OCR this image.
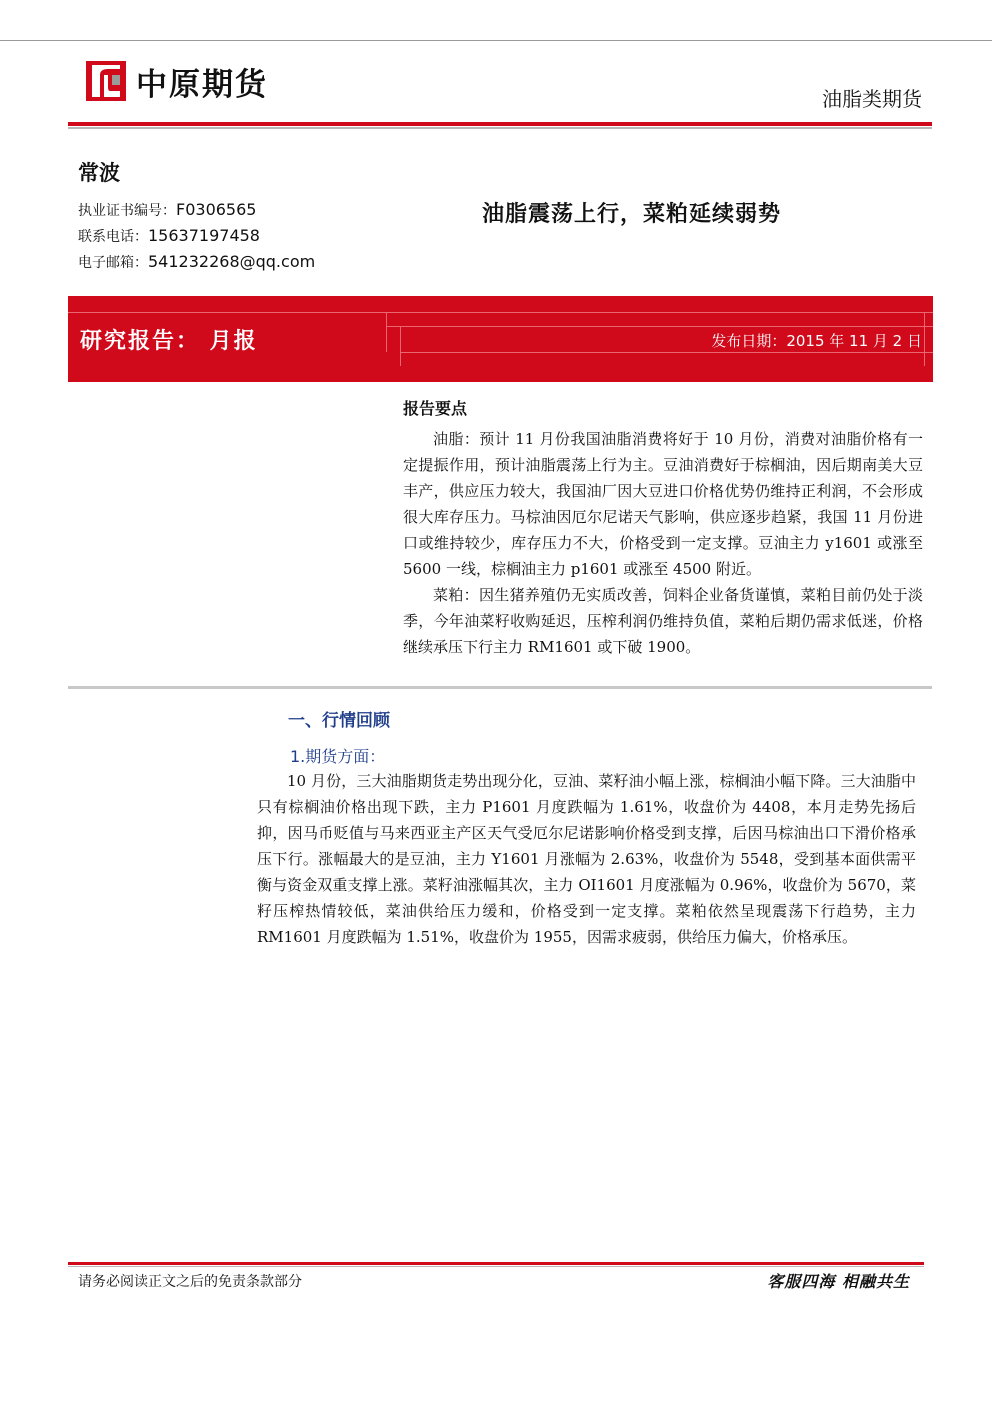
中原期货	油脂类期货
常波
执业证书编号：F0306565
联系电话：15637197458
电子邮箱：541232268@qq.com
油脂震荡上行，菜粕延续弱势
研究报告： 月报	发布日期：2015 年 11 月 2 日
报告要点

油脂：预计 11 月份我国油脂消费将好于 10 月份，消费对油脂价格有一定提振作用，预计油脂震荡上行为主。豆油消费好于棕榈油，因后期南美大豆丰产，供应压力较大，我国油厂因大豆进口价格优势仍维持正利润，不会形成很大库存压力。马棕油因厄尔尼诺天气影响，供应逐步趋紧，我国 11 月份进口或维持较少，库存压力不大，价格受到一定支撑。豆油主力 y1601 或涨至 5600 一线，棕榈油主力 p1601 或涨至 4500 附近。

菜粕：因生猪养殖仍无实质改善，饲料企业备货谨慎，菜粕目前仍处于淡季，今年油菜籽收购延迟，压榨利润仍维持负值，菜粕后期仍需求低迷，价格继续承压下行主力 RM1601 或下破 1900。

一、行情回顾
1.期货方面：

10 月份，三大油脂期货走势出现分化，豆油、菜籽油小幅上涨，棕榈油小幅下降。三大油脂中只有棕榈油价格出现下跌，主力 P1601 月度跌幅为 1.61%，收盘价为 4408，本月走势先扬后抑，因马币贬值与马来西亚主产区天气受厄尔尼诺影响价格受到支撑，后因马棕油出口下滑价格承压下行。涨幅最大的是豆油，主力 Y1601 月涨幅为 2.63%，收盘价为 5548，受到基本面供需平衡与资金双重支撑上涨。菜籽油涨幅其次，主力 OI1601 月度涨幅为 0.96%，收盘价为 5670，菜籽压榨热情较低，菜油供给压力缓和，价格受到一定支撑。菜粕依然呈现震荡下行趋势，主力 RM1601 月度跌幅为 1.51%，收盘价为 1955，因需求疲弱，供给压力偏大，价格承压。

请务必阅读正文之后的免责条款部分	客服四海 相融共生
